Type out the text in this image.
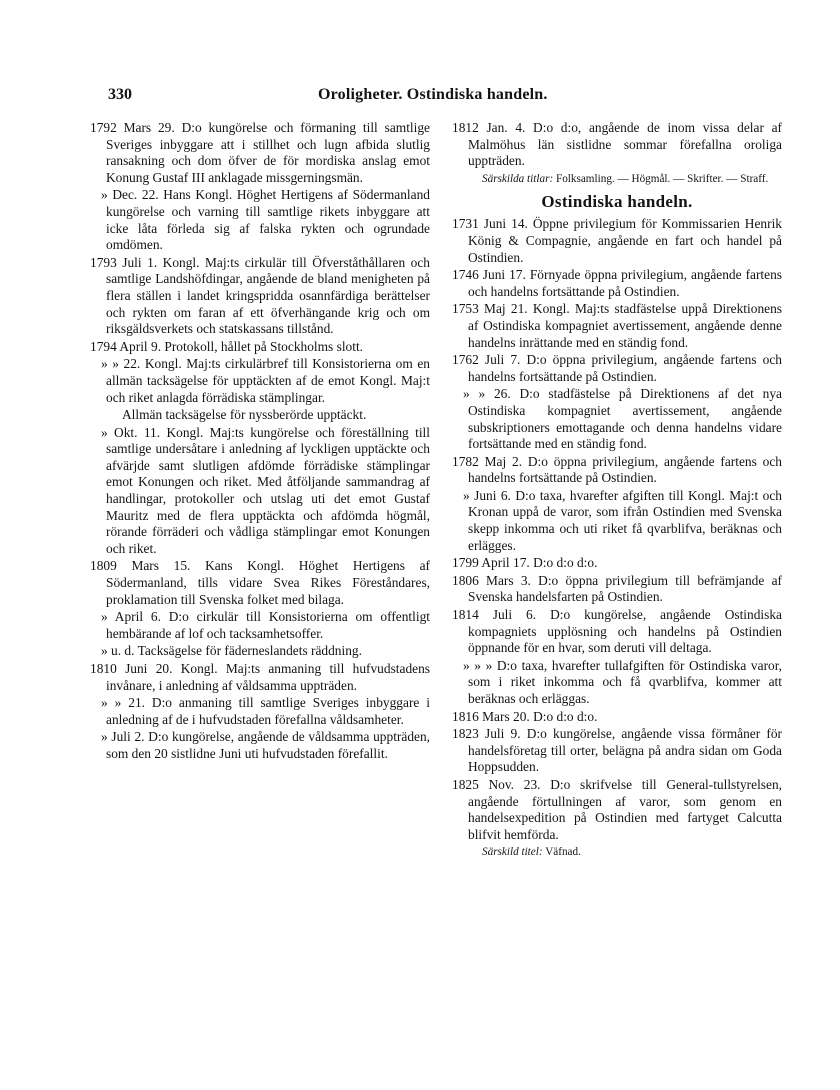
330	Oroligheter. Ostindiska handeln.

1792 Mars 29. D:o kungörelse och förmaning till samtlige Sveriges inbyggare att i stillhet och lugn afbida slutlig ransakning och dom öfver de för mordiska anslag emot Konung Gustaf III anklagade missgerningsmän.

» Dec. 22. Hans Kongl. Höghet Hertigens af Södermanland kungörelse och varning till samtlige rikets inbyggare att icke låta förleda sig af falska rykten och ogrundade omdömen.

1793 Juli 1. Kongl. Maj:ts cirkulär till Öfverståthållaren och samtlige Landshöfdingar, angående de bland menigheten på flera ställen i landet kringspridda osannfärdiga berättelser och rykten om faran af ett öfverhängande krig och om riksgäldsverkets och statskassans tillstånd.

1794 April 9. Protokoll, hållet på Stockholms slott.

» » 22. Kongl. Maj:ts cirkulärbref till Konsistorierna om en allmän tacksägelse för upptäckten af de emot Kongl. Maj:t och riket anlagda förrädiska stämplingar.

Allmän tacksägelse för nyssberörde upptäckt.

» Okt. 11. Kongl. Maj:ts kungörelse och föreställning till samtlige undersåtare i anledning af lyckligen upptäckte och afvärjde samt slutligen afdömde förrädiske stämplingar emot Konungen och riket. Med åtföljande sammandrag af handlingar, protokoller och utslag uti det emot Gustaf Mauritz med de flera upptäckta och afdömda högmål, rörande förräderi och vådliga stämplingar emot Konungen och riket.

1809 Mars 15. Kans Kongl. Höghet Hertigens af Södermanland, tills vidare Svea Rikes Föreståndares, proklamation till Svenska folket med bilaga.

» April 6. D:o cirkulär till Konsistorierna om offentligt hembärande af lof och tacksamhetsoffer.

» u. d. Tacksägelse för fäderneslandets räddning.

1810 Juni 20. Kongl. Maj:ts anmaning till hufvudstadens invånare, i anledning af våldsamma uppträden.

» » 21. D:o anmaning till samtlige Sveriges inbyggare i anledning af de i hufvudstaden förefallna våldsamheter.

» Juli 2. D:o kungörelse, angående de våldsamma uppträden, som den 20 sistlidne Juni uti hufvudstaden förefallit.

1812 Jan. 4. D:o d:o, angående de inom vissa delar af Malmöhus län sistlidne sommar förefallna oroliga uppträden.

Särskilda titlar: Folksamling. — Högmål. — Skrifter. — Straff.
Ostindiska handeln.

1731 Juni 14. Öppne privilegium för Kommissarien Henrik König & Compagnie, angående en fart och handel på Ostindien.

1746 Juni 17. Förnyade öppna privilegium, angående fartens och handelns fortsättande på Ostindien.

1753 Maj 21. Kongl. Maj:ts stadfästelse uppå Direktionens af Ostindiska kompagniet avertissement, angående denne handelns inrättande med en ständig fond.

1762 Juli 7. D:o öppna privilegium, angående fartens och handelns fortsättande på Ostindien.

» » 26. D:o stadfästelse på Direktionens af det nya Ostindiska kompagniet avertissement, angående subskriptioners emottagande och denna handelns vidare fortsättande med en ständig fond.

1782 Maj 2. D:o öppna privilegium, angående fartens och handelns fortsättande på Ostindien.

» Juni 6. D:o taxa, hvarefter afgiften till Kongl. Maj:t och Kronan uppå de varor, som ifrån Ostindien med Svenska skepp inkomma och uti riket få qvarblifva, beräknas och erlägges.

1799 April 17. D:o d:o d:o.

1806 Mars 3. D:o öppna privilegium till befrämjande af Svenska handelsfarten på Ostindien.

1814 Juli 6. D:o kungörelse, angående Ostindiska kompagniets upplösning och handelns på Ostindien öppnande för en hvar, som deruti vill deltaga.

» » » D:o taxa, hvarefter tullafgiften för Ostindiska varor, som i riket inkomma och få qvarblifva, kommer att beräknas och erläggas.

1816 Mars 20. D:o d:o d:o.

1823 Juli 9. D:o kungörelse, angående vissa förmåner för handelsföretag till orter, belägna på andra sidan om Goda Hoppsudden.

1825 Nov. 23. D:o skrifvelse till General-tullstyrelsen, angående förtullningen af varor, som genom en handelsexpedition på Ostindien med fartyget Calcutta blifvit hemförda.

Särskild titel: Väfnad.
